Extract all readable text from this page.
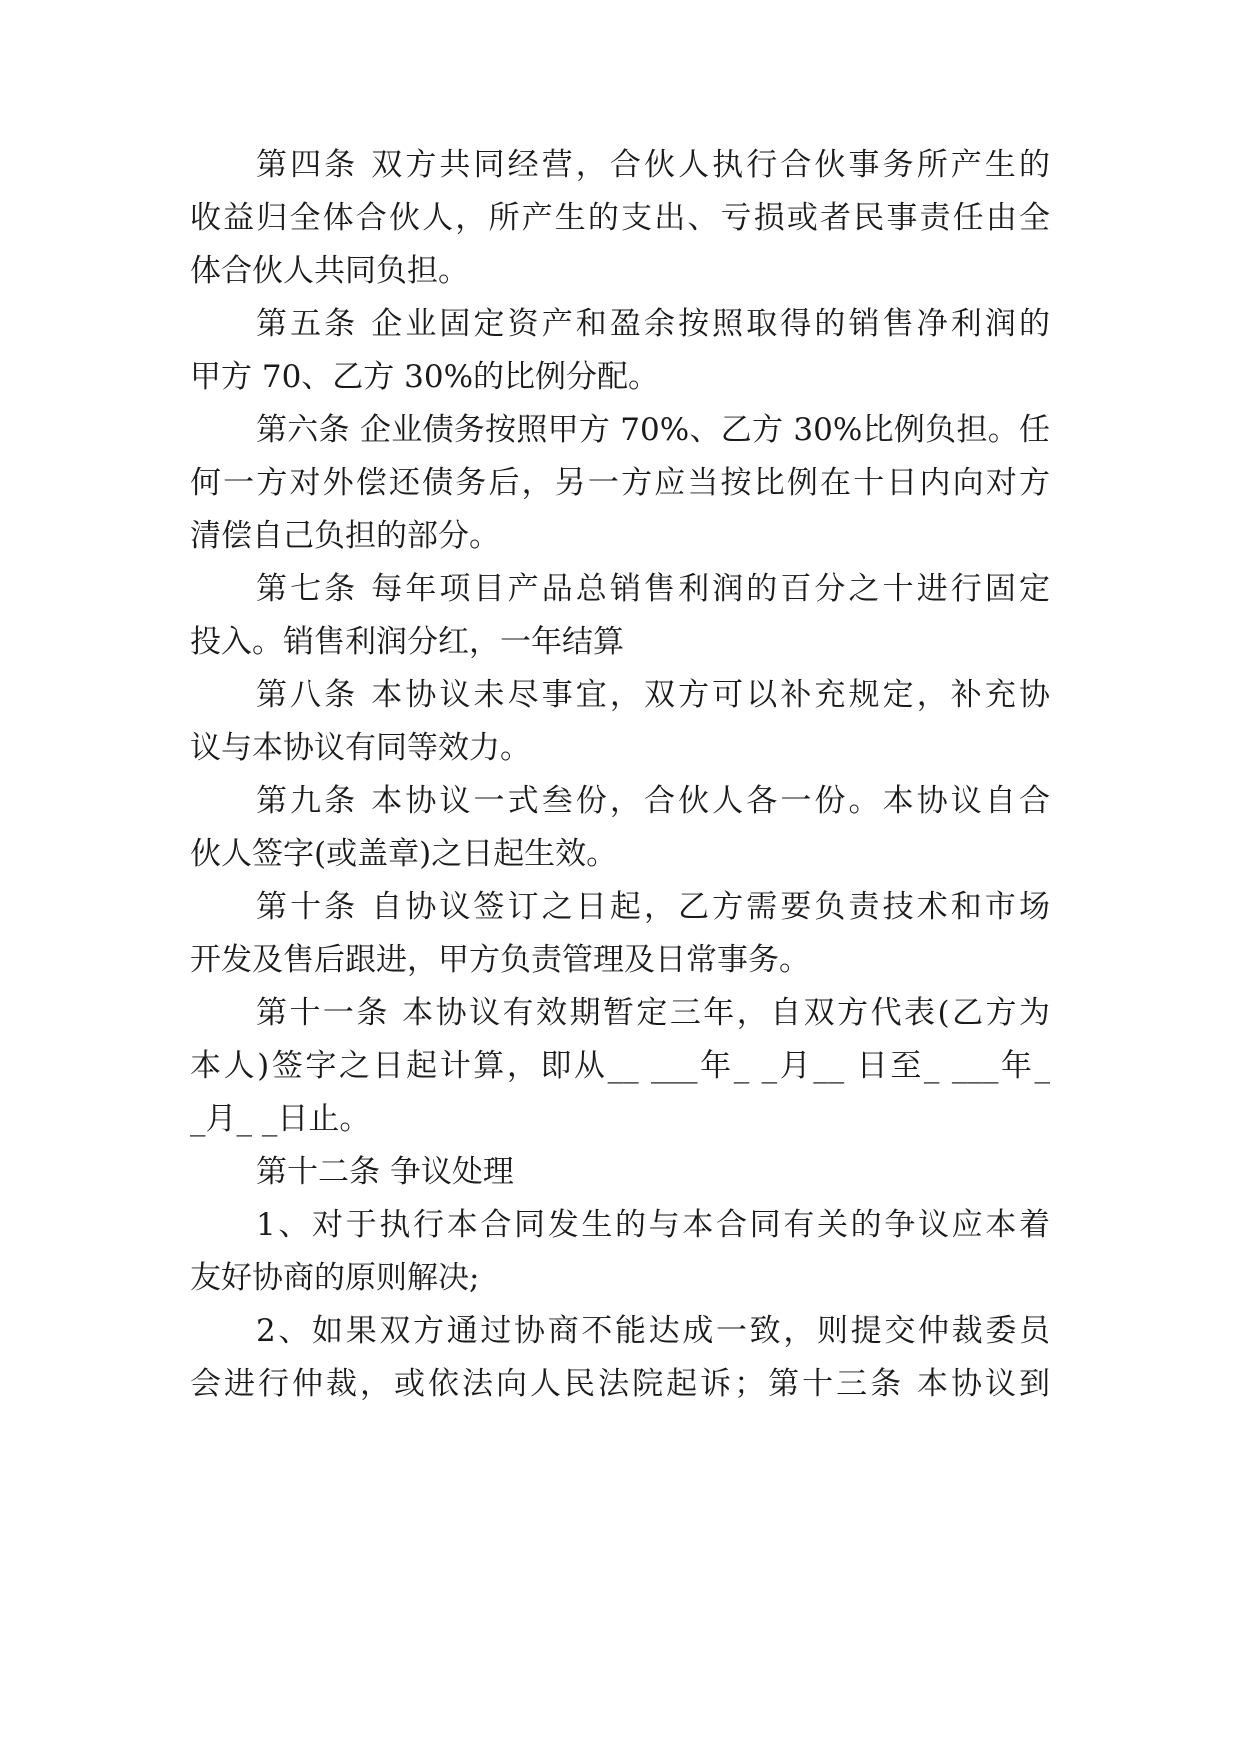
第四条 双方共同经营，合伙人执行合伙事务所产生的
收益归全体合伙人，所产生的支出、亏损或者民事责任由全
体合伙人共同负担。
第五条 企业固定资产和盈余按照取得的销售净利润的
甲方 70、乙方 30%的比例分配。
第六条 企业债务按照甲方 70%、乙方 30%比例负担。任
何一方对外偿还债务后，另一方应当按比例在十日内向对方
清偿自己负担的部分。
第七条 每年项目产品总销售利润的百分之十进行固定
投入。销售利润分红，一年结算
第八条 本协议未尽事宜，双方可以补充规定，补充协
议与本协议有同等效力。
第九条 本协议一式叁份，合伙人各一份。本协议自合
伙人签字(或盖章)之日起生效。
第十条 自协议签订之日起，乙方需要负责技术和市场
开发及售后跟进，甲方负责管理及日常事务。
第十一条 本协议有效期暂定三年，自双方代表(乙方为
本人)签字之日起计算，即从__ ___年_ _月__ 日至_ ___年_
_月_ _日止。
第十二条 争议处理
1、对于执行本合同发生的与本合同有关的争议应本着
友好协商的原则解决;
2、如果双方通过协商不能达成一致，则提交仲裁委员
会进行仲裁，或依法向人民法院起诉；第十三条 本协议到
